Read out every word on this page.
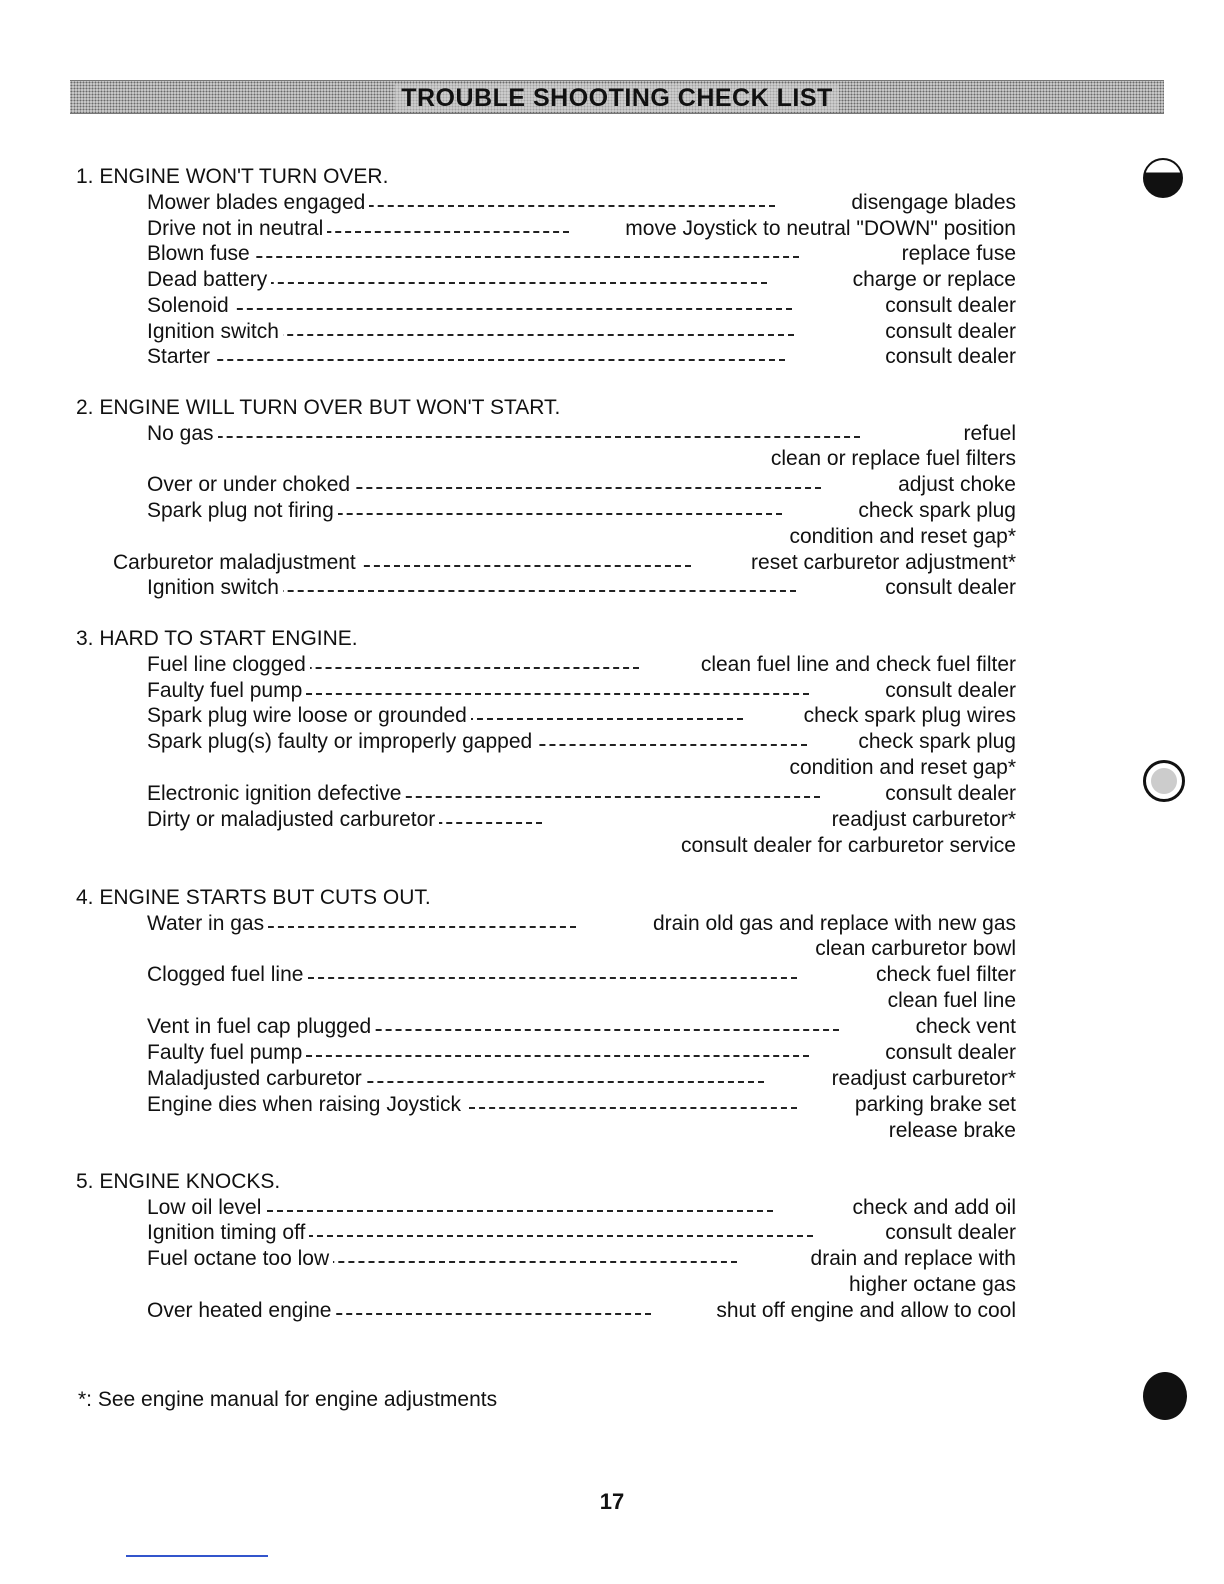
TROUBLE SHOOTING CHECK LIST
1. ENGINE WON'T TURN OVER.
Mower blades engaged	disengage blades
Drive not in neutral	move Joystick to neutral "DOWN" position
Blown fuse	replace fuse
Dead battery	charge or replace
Solenoid	consult dealer
Ignition switch	consult dealer
Starter	consult dealer
2. ENGINE WILL TURN OVER BUT WON'T START.
No gas	refuel
clean or replace fuel filters
Over or under choked	adjust choke
Spark plug not firing	check spark plug
condition and reset gap*
Carburetor maladjustment	reset carburetor adjustment*
Ignition switch	consult dealer
3. HARD TO START ENGINE.
Fuel line clogged	clean fuel line and check fuel filter
Faulty fuel pump	consult dealer
Spark plug wire loose or grounded	check spark plug wires
Spark plug(s) faulty or improperly gapped	check spark plug
condition and reset gap*
Electronic ignition defective	consult dealer
Dirty or maladjusted carburetor	readjust carburetor*
consult dealer for carburetor service
4. ENGINE STARTS BUT CUTS OUT.
Water in gas	drain old gas and replace with new gas
clean carburetor bowl
Clogged fuel line	check fuel filter
clean fuel line
Vent in fuel cap plugged	check vent
Faulty fuel pump	consult dealer
Maladjusted carburetor	readjust carburetor*
Engine dies when raising Joystick	parking brake set
release brake
5. ENGINE KNOCKS.
Low oil level	check and add oil
Ignition timing off	consult dealer
Fuel octane too low	drain and replace with
higher octane gas
Over heated engine	shut off engine and allow to cool
*: See engine manual for engine adjustments
17
